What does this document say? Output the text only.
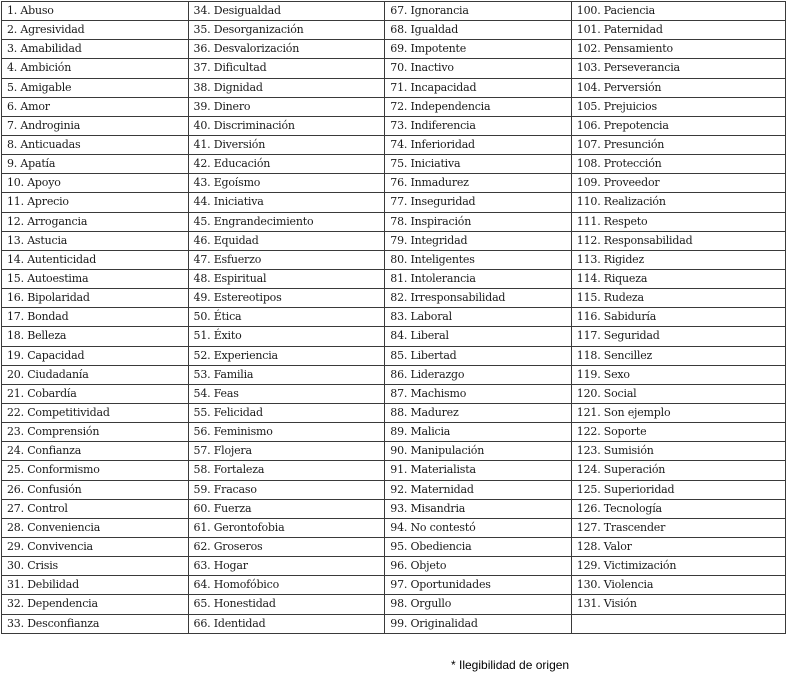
1. Abuso	34. Desigualdad	67. Ignorancia	100. Paciencia
2. Agresividad	35. Desorganización	68. Igualdad	101. Paternidad
3. Amabilidad	36. Desvalorización	69. Impotente	102. Pensamiento
4. Ambición	37. Dificultad	70. Inactivo	103. Perseverancia
5. Amigable	38. Dignidad	71. Incapacidad	104. Perversión
6. Amor	39. Dinero	72. Independencia	105. Prejuicios
7. Androginia	40. Discriminación	73. Indiferencia	106. Prepotencia
8. Anticuadas	41. Diversión	74. Inferioridad	107. Presunción
9. Apatía	42. Educación	75. Iniciativa	108. Protección
10. Apoyo	43. Egoísmo	76. Inmadurez	109. Proveedor
11. Aprecio	44. Iniciativa	77. Inseguridad	110. Realización
12. Arrogancia	45. Engrandecimiento	78. Inspiración	111. Respeto
13. Astucia	46. Equidad	79. Integridad	112. Responsabilidad
14. Autenticidad	47. Esfuerzo	80. Inteligentes	113. Rigidez
15. Autoestima	48. Espiritual	81. Intolerancia	114. Riqueza
16. Bipolaridad	49. Estereotipos	82. Irresponsabilidad	115. Rudeza
17. Bondad	50. Ética	83. Laboral	116. Sabiduría
18. Belleza	51. Éxito	84. Liberal	117. Seguridad
19. Capacidad	52. Experiencia	85. Libertad	118. Sencillez
20. Ciudadanía	53. Familia	86. Liderazgo	119. Sexo
21. Cobardía	54. Feas	87. Machismo	120. Social
22. Competitividad	55. Felicidad	88. Madurez	121. Son ejemplo
23. Comprensión	56. Feminismo	89. Malicia	122. Soporte
24. Confianza	57. Flojera	90. Manipulación	123. Sumisión
25. Conformismo	58. Fortaleza	91. Materialista	124. Superación
26. Confusión	59. Fracaso	92. Maternidad	125. Superioridad
27. Control	60. Fuerza	93. Misandria	126. Tecnología
28. Conveniencia	61. Gerontofobia	94. No contestó	127. Trascender
29. Convivencia	62. Groseros	95. Obediencia	128. Valor
30. Crisis	63. Hogar	96. Objeto	129. Victimización
31. Debilidad	64. Homofóbico	97. Oportunidades	130. Violencia
32. Dependencia	65. Honestidad	98. Orgullo	131. Visión
33. Desconfianza	66. Identidad	99. Originalidad	
* Ilegibilidad de origen
